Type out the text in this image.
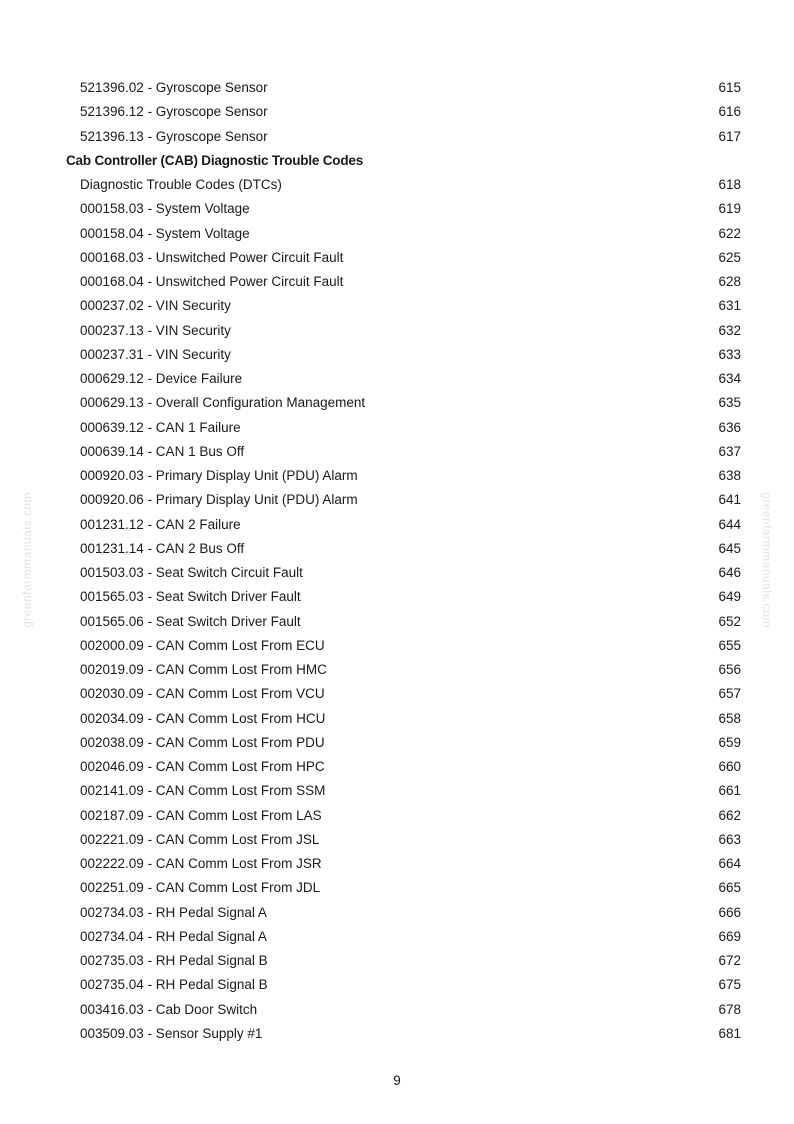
greenfarmmanuals.com	greenfarmmanuals.com
521396.02 - Gyroscope Sensor	615
521396.12 - Gyroscope Sensor	616
521396.13 - Gyroscope Sensor	617
Cab Controller (CAB) Diagnostic Trouble Codes
Diagnostic Trouble Codes (DTCs)	618
000158.03 - System Voltage	619
000158.04 - System Voltage	622
000168.03 - Unswitched Power Circuit Fault	625
000168.04 - Unswitched Power Circuit Fault	628
000237.02 - VIN Security	631
000237.13 - VIN Security	632
000237.31 - VIN Security	633
000629.12 - Device Failure	634
000629.13 - Overall Configuration Management	635
000639.12 - CAN 1 Failure	636
000639.14 - CAN 1 Bus Off	637
000920.03 - Primary Display Unit (PDU) Alarm	638
000920.06 - Primary Display Unit (PDU) Alarm	641
001231.12 - CAN 2 Failure	644
001231.14 - CAN 2 Bus Off	645
001503.03 - Seat Switch Circuit Fault	646
001565.03 - Seat Switch Driver Fault	649
001565.06 - Seat Switch Driver Fault	652
002000.09 - CAN Comm Lost From ECU	655
002019.09 - CAN Comm Lost From HMC	656
002030.09 - CAN Comm Lost From VCU	657
002034.09 - CAN Comm Lost From HCU	658
002038.09 - CAN Comm Lost From PDU	659
002046.09 - CAN Comm Lost From HPC	660
002141.09 - CAN Comm Lost From SSM	661
002187.09 - CAN Comm Lost From LAS	662
002221.09 - CAN Comm Lost From JSL	663
002222.09 - CAN Comm Lost From JSR	664
002251.09 - CAN Comm Lost From JDL	665
002734.03 - RH Pedal Signal A	666
002734.04 - RH Pedal Signal A	669
002735.03 - RH Pedal Signal B	672
002735.04 - RH Pedal Signal B	675
003416.03 - Cab Door Switch	678
003509.03 - Sensor Supply #1	681
9
